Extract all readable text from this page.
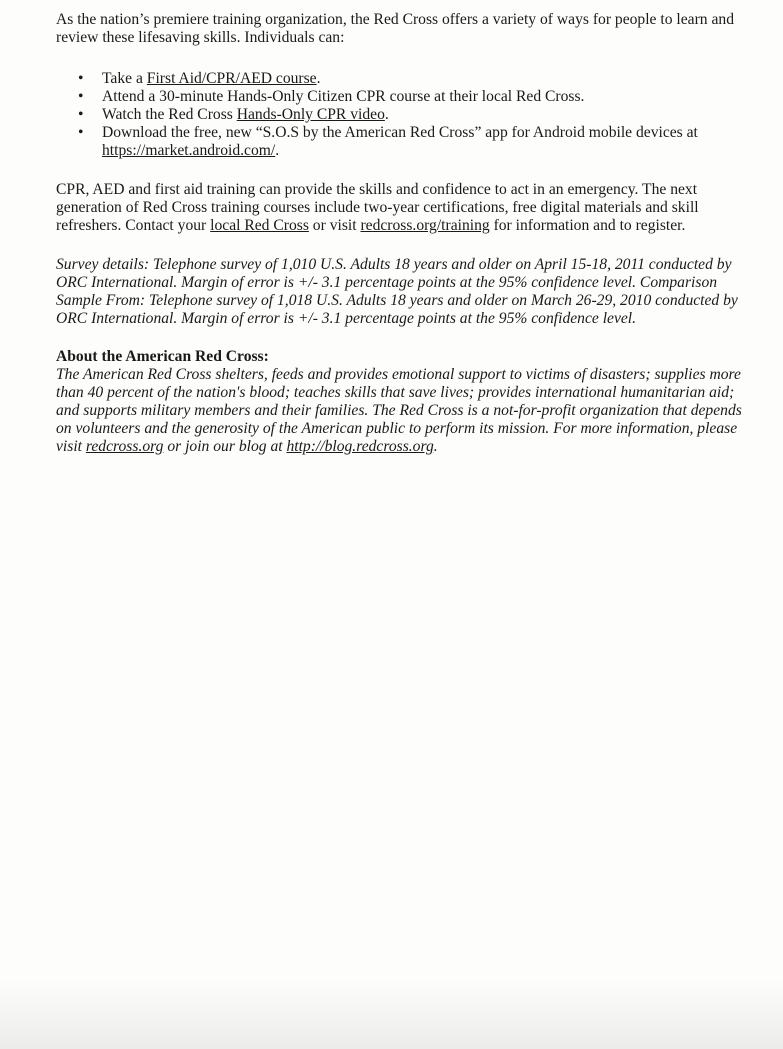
As the nation’s premiere training organization, the Red Cross offers a variety of ways for people to learn and review these lifesaving skills. Individuals can:

• Take a First Aid/CPR/AED course.
• Attend a 30-minute Hands-Only Citizen CPR course at their local Red Cross.
• Watch the Red Cross Hands-Only CPR video.
• Download the free, new “S.O.S by the American Red Cross” app for Android mobile devices at https://market.android.com/.

CPR, AED and first aid training can provide the skills and confidence to act in an emergency. The next generation of Red Cross training courses include two-year certifications, free digital materials and skill refreshers. Contact your local Red Cross or visit redcross.org/training for information and to register.

Survey details: Telephone survey of 1,010 U.S. Adults 18 years and older on April 15-18, 2011 conducted by ORC International. Margin of error is +/- 3.1 percentage points at the 95% confidence level. Comparison Sample From: Telephone survey of 1,018 U.S. Adults 18 years and older on March 26-29, 2010 conducted by ORC International. Margin of error is +/- 3.1 percentage points at the 95% confidence level.

About the American Red Cross:

The American Red Cross shelters, feeds and provides emotional support to victims of disasters; supplies more than 40 percent of the nation's blood; teaches skills that save lives; provides international humanitarian aid; and supports military members and their families. The Red Cross is a not-for-profit organization that depends on volunteers and the generosity of the American public to perform its mission. For more information, please visit redcross.org or join our blog at http://blog.redcross.org.
